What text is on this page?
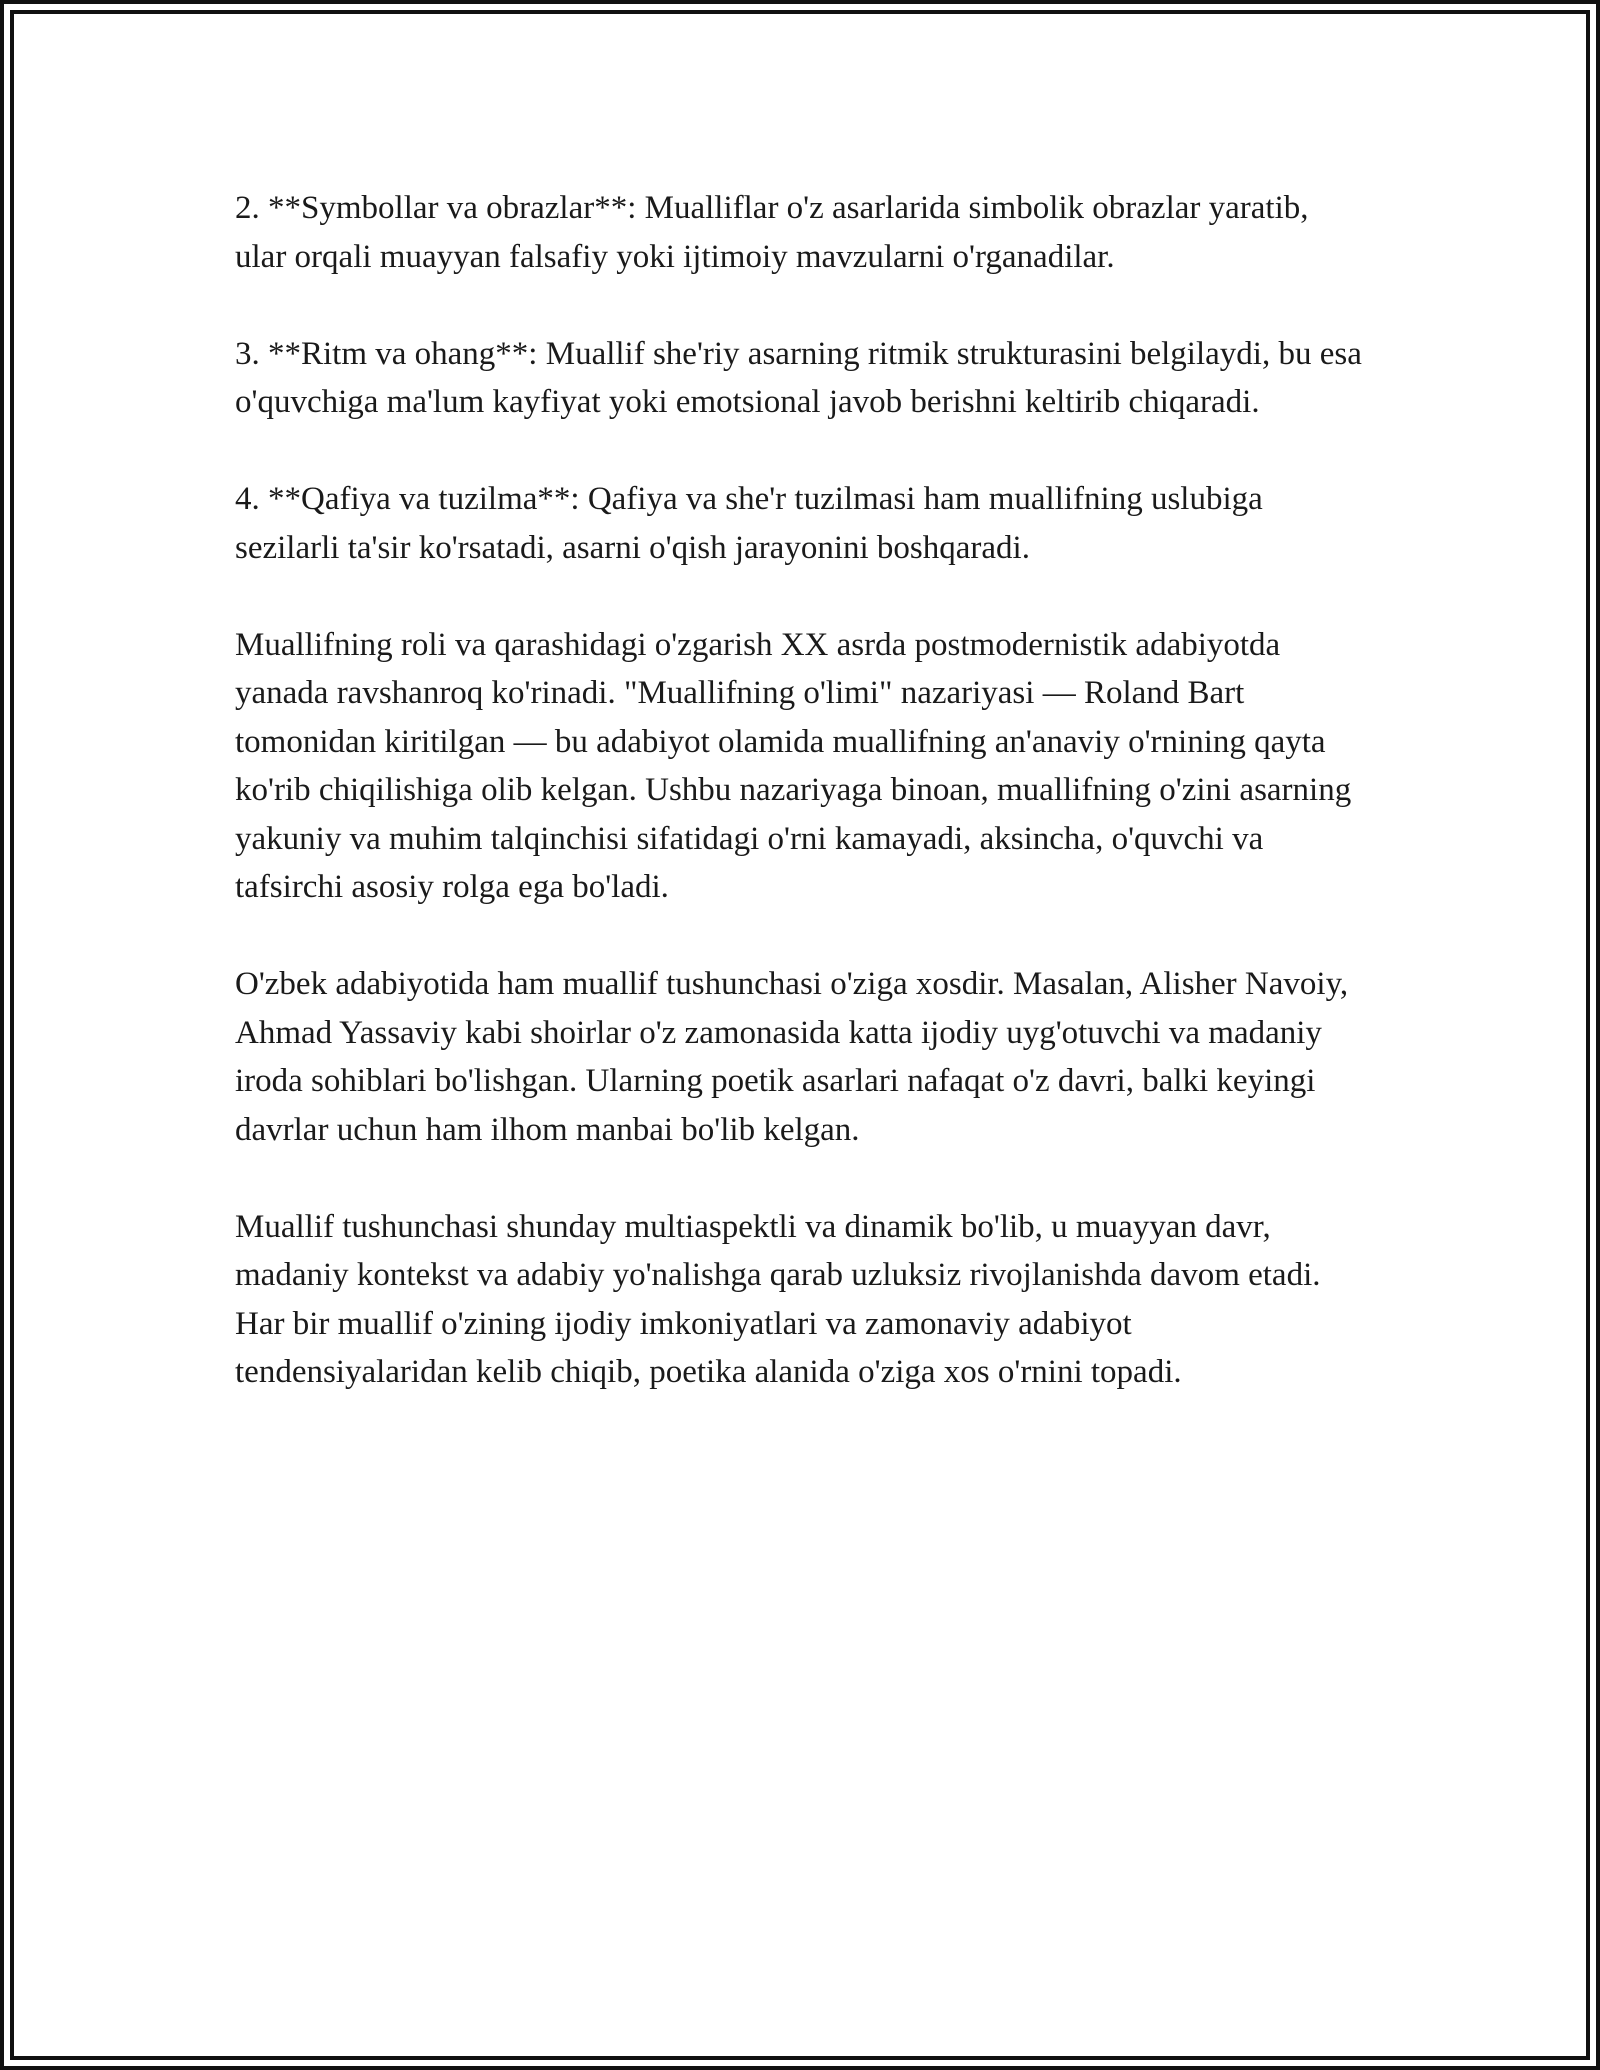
2. **Symbollar va obrazlar**: Mualliflar o'z asarlarida simbolik obrazlar yaratib, ular orqali muayyan falsafiy yoki ijtimoiy mavzularni o'rganadilar.

3. **Ritm va ohang**: Muallif she'riy asarning ritmik strukturasini belgilaydi, bu esa o'quvchiga ma'lum kayfiyat yoki emotsional javob berishni keltirib chiqaradi.

4. **Qafiya va tuzilma**: Qafiya va she'r tuzilmasi ham muallifning uslubiga sezilarli ta'sir ko'rsatadi, asarni o'qish jarayonini boshqaradi.

Muallifning roli va qarashidagi o'zgarish XX asrda postmodernistik adabiyotda yanada ravshanroq ko'rinadi. "Muallifning o'limi" nazariyasi — Roland Bart tomonidan kiritilgan — bu adabiyot olamida muallifning an'anaviy o'rnining qayta ko'rib chiqilishiga olib kelgan. Ushbu nazariyaga binoan, muallifning o'zini asarning yakuniy va muhim talqinchisi sifatidagi o'rni kamayadi, aksincha, o'quvchi va tafsirchi asosiy rolga ega bo'ladi.

O'zbek adabiyotida ham muallif tushunchasi o'ziga xosdir. Masalan, Alisher Navoiy, Ahmad Yassaviy kabi shoirlar o'z zamonasida katta ijodiy uyg'otuvchi va madaniy iroda sohiblari bo'lishgan. Ularning poetik asarlari nafaqat o'z davri, balki keyingi davrlar uchun ham ilhom manbai bo'lib kelgan.

Muallif tushunchasi shunday multiaspektli va dinamik bo'lib, u muayyan davr, madaniy kontekst va adabiy yo'nalishga qarab uzluksiz rivojlanishda davom etadi. Har bir muallif o'zining ijodiy imkoniyatlari va zamonaviy adabiyot tendensiyalaridan kelib chiqib, poetika alanida o'ziga xos o'rnini topadi.
